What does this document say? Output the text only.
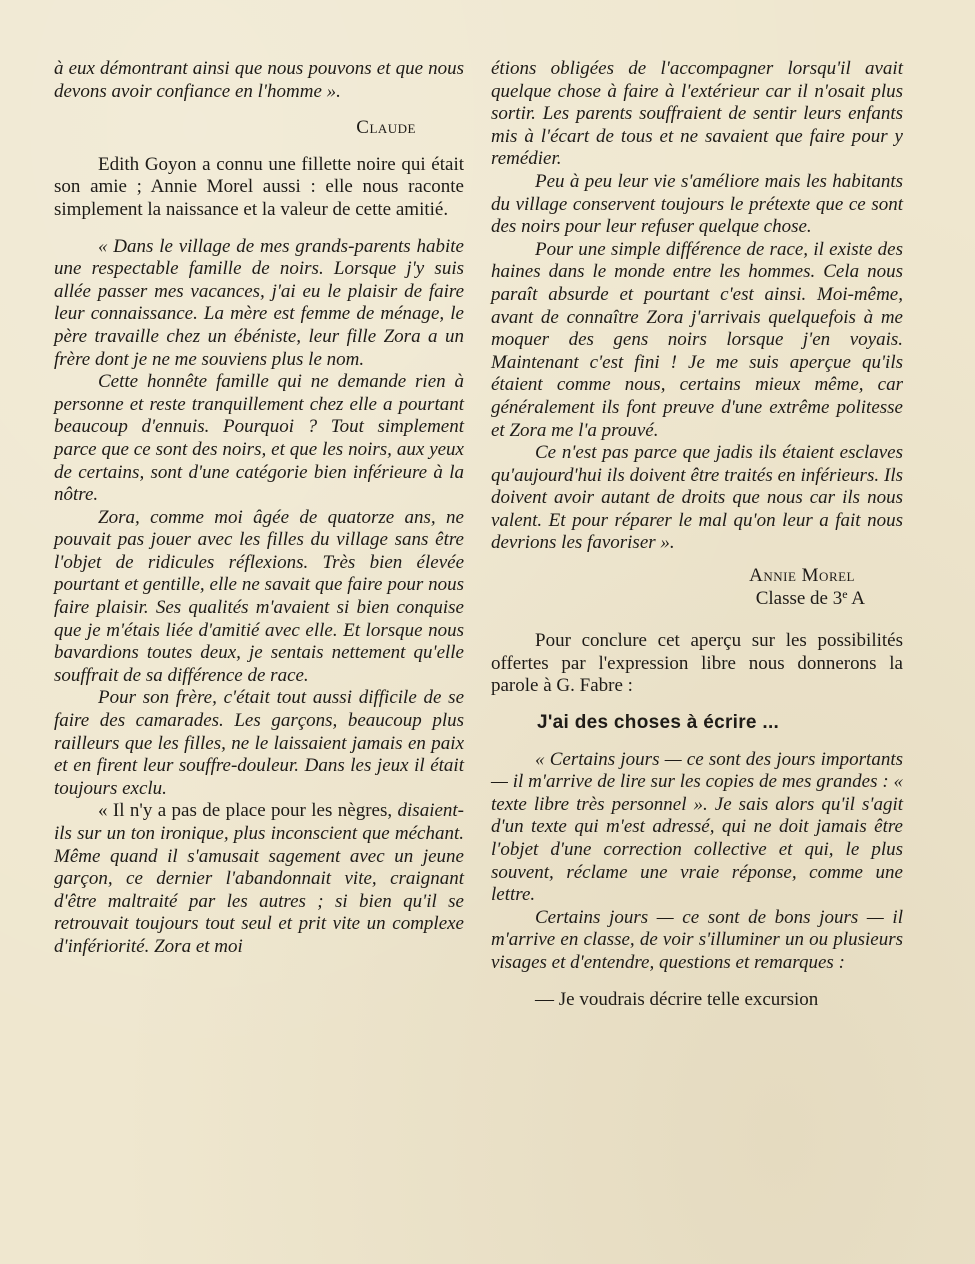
à eux démontrant ainsi que nous pouvons et que nous devons avoir confiance en l'homme ».

Claude

Edith Goyon a connu une fillette noire qui était son amie ; Annie Morel aussi : elle nous raconte simplement la naissance et la valeur de cette amitié.

« Dans le village de mes grands-parents habite une respectable famille de noirs. Lorsque j'y suis allée passer mes vacances, j'ai eu le plaisir de faire leur connaissance. La mère est femme de ménage, le père travaille chez un ébéniste, leur fille Zora a un frère dont je ne me souviens plus le nom.

Cette honnête famille qui ne demande rien à personne et reste tranquillement chez elle a pourtant beaucoup d'ennuis. Pourquoi ? Tout simplement parce que ce sont des noirs, et que les noirs, aux yeux de certains, sont d'une catégorie bien inférieure à la nôtre.

Zora, comme moi âgée de quatorze ans, ne pouvait pas jouer avec les filles du village sans être l'objet de ridicules réflexions. Très bien élevée pourtant et gentille, elle ne savait que faire pour nous faire plaisir. Ses qualités m'avaient si bien conquise que je m'étais liée d'amitié avec elle. Et lorsque nous bavardions toutes deux, je sentais nettement qu'elle souffrait de sa différence de race.

Pour son frère, c'était tout aussi difficile de se faire des camarades. Les garçons, beaucoup plus railleurs que les filles, ne le laissaient jamais en paix et en firent leur souffre-douleur. Dans les jeux il était toujours exclu.

« Il n'y a pas de place pour les nègres, disaient-ils sur un ton ironique, plus inconscient que méchant. Même quand il s'amusait sagement avec un jeune garçon, ce dernier l'abandonnait vite, craignant d'être maltraité par les autres ; si bien qu'il se retrouvait toujours tout seul et prit vite un complexe d'infériorité. Zora et moi

étions obligées de l'accompagner lorsqu'il avait quelque chose à faire à l'extérieur car il n'osait plus sortir. Les parents souffraient de sentir leurs enfants mis à l'écart de tous et ne savaient que faire pour y remédier.

Peu à peu leur vie s'améliore mais les habitants du village conservent toujours le prétexte que ce sont des noirs pour leur refuser quelque chose.

Pour une simple différence de race, il existe des haines dans le monde entre les hommes. Cela nous paraît absurde et pourtant c'est ainsi. Moi-même, avant de connaître Zora j'arrivais quelquefois à me moquer des gens noirs lorsque j'en voyais. Maintenant c'est fini ! Je me suis aperçue qu'ils étaient comme nous, certains mieux même, car généralement ils font preuve d'une extrême politesse et Zora me l'a prouvé.

Ce n'est pas parce que jadis ils étaient esclaves qu'aujourd'hui ils doivent être traités en inférieurs. Ils doivent avoir autant de droits que nous car ils nous valent. Et pour réparer le mal qu'on leur a fait nous devrions les favoriser ».

Annie Morel

Classe de 3e A

Pour conclure cet aperçu sur les possibilités offertes par l'expression libre nous donnerons la parole à G. Fabre :

J'ai des choses à écrire ...

« Certains jours — ce sont des jours importants — il m'arrive de lire sur les copies de mes grandes : « texte libre très personnel ». Je sais alors qu'il s'agit d'un texte qui m'est adressé, qui ne doit jamais être l'objet d'une correction collective et qui, le plus souvent, réclame une vraie réponse, comme une lettre.

Certains jours — ce sont de bons jours — il m'arrive en classe, de voir s'illuminer un ou plusieurs visages et d'entendre, questions et remarques :

— Je voudrais décrire telle excursion
